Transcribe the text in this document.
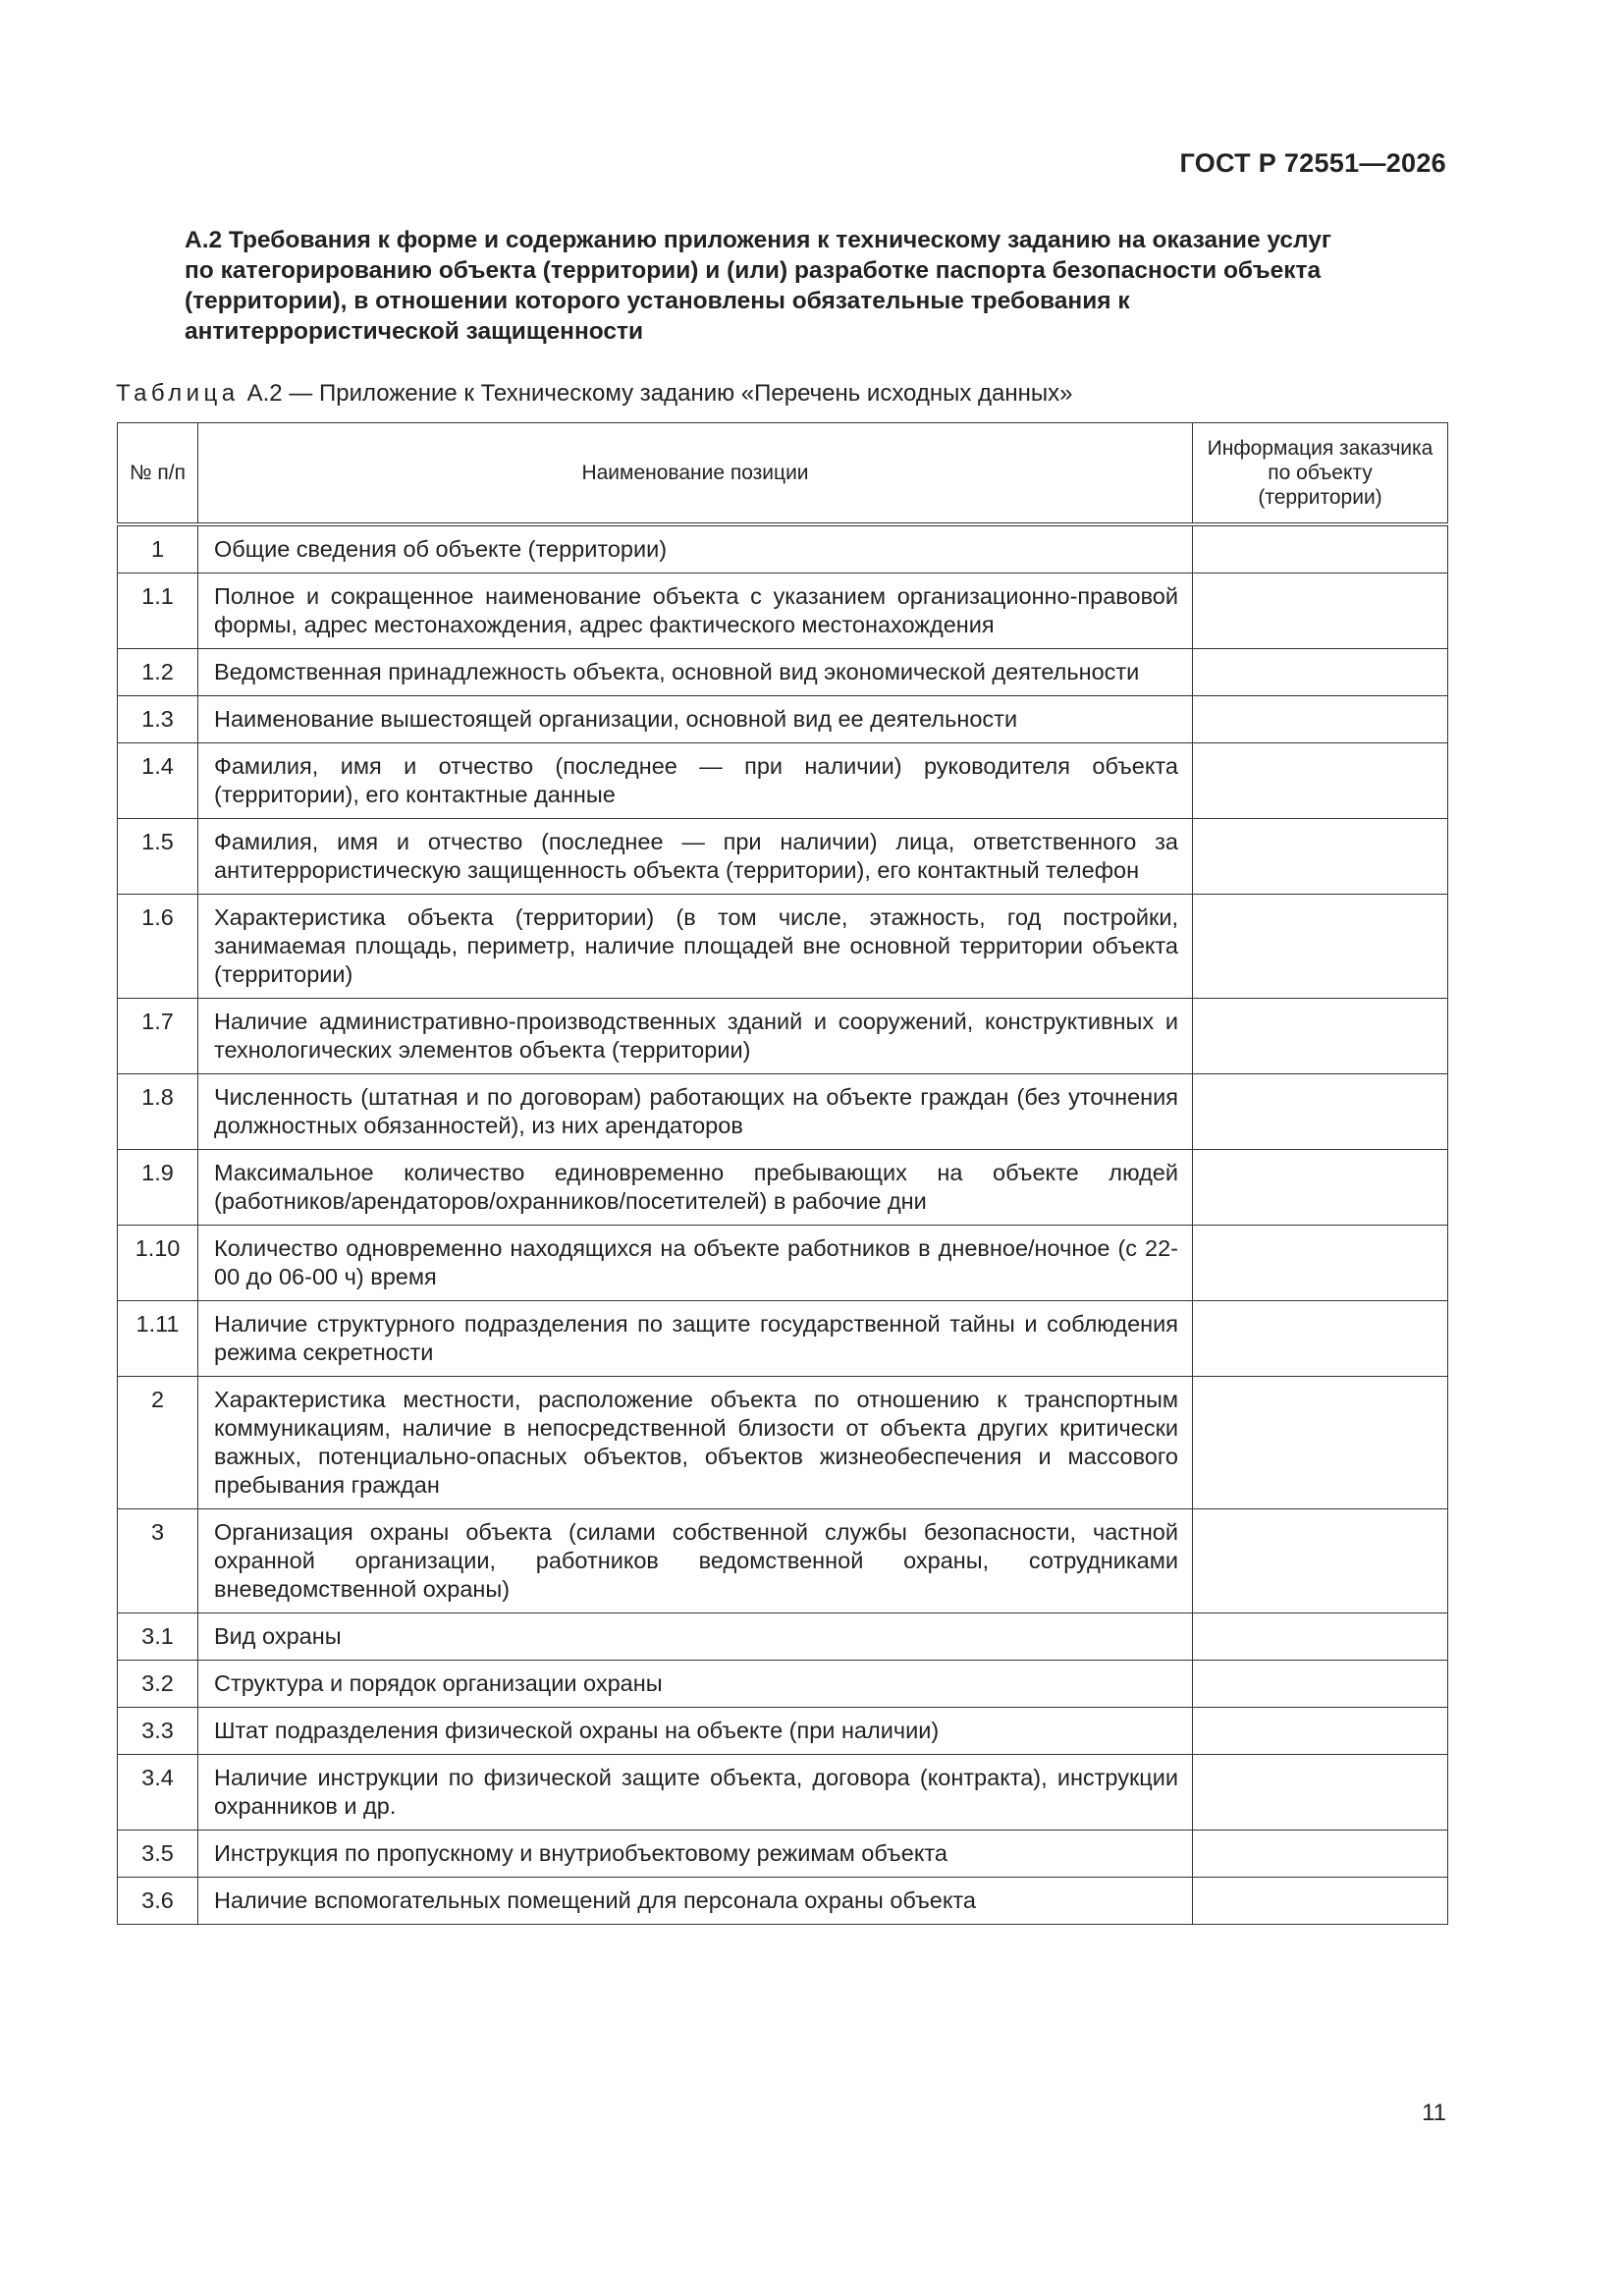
ГОСТ Р 72551—2026
А.2 Требования к форме и содержанию приложения к техническому заданию на оказание услуг по категорированию объекта (территории) и (или) разработке паспорта безопасности объекта (территории), в отношении которого установлены обязательные требования к антитеррористической защищенности
Таблица А.2 — Приложение к Техническому заданию «Перечень исходных данных»
№ п/п	Наименование позиции	Информация заказчика по объекту (территории)
1	Общие сведения об объекте (территории)	
1.1	Полное и сокращенное наименование объекта с указанием организационно-правовой формы, адрес местонахождения, адрес фактического местонахождения	
1.2	Ведомственная принадлежность объекта, основной вид экономической деятельности	
1.3	Наименование вышестоящей организации, основной вид ее деятельности	
1.4	Фамилия, имя и отчество (последнее — при наличии) руководителя объекта (территории), его контактные данные	
1.5	Фамилия, имя и отчество (последнее — при наличии) лица, ответственного за антитеррористическую защищенность объекта (территории), его контактный телефон	
1.6	Характеристика объекта (территории) (в том числе, этажность, год постройки, занимаемая площадь, периметр, наличие площадей вне основной территории объекта (территории)	
1.7	Наличие административно-производственных зданий и сооружений, конструктивных и технологических элементов объекта (территории)	
1.8	Численность (штатная и по договорам) работающих на объекте граждан (без уточнения должностных обязанностей), из них арендаторов	
1.9	Максимальное количество единовременно пребывающих на объекте людей (работников/арендаторов/охранников/посетителей) в рабочие дни	
1.10	Количество одновременно находящихся на объекте работников в дневное/ночное (с 22-00 до 06-00 ч) время	
1.11	Наличие структурного подразделения по защите государственной тайны и соблюдения режима секретности	
2	Характеристика местности, расположение объекта по отношению к транспортным коммуникациям, наличие в непосредственной близости от объекта других критически важных, потенциально-опасных объектов, объектов жизнеобеспечения и массового пребывания граждан	
3	Организация охраны объекта (силами собственной службы безопасности, частной охранной организации, работников ведомственной охраны, сотрудниками вневедомственной охраны)	
3.1	Вид охраны	
3.2	Структура и порядок организации охраны	
3.3	Штат подразделения физической охраны на объекте (при наличии)	
3.4	Наличие инструкции по физической защите объекта, договора (контракта), инструкции охранников и др.	
3.5	Инструкция по пропускному и внутриобъектовому режимам объекта	
3.6	Наличие вспомогательных помещений для персонала охраны объекта	
11
